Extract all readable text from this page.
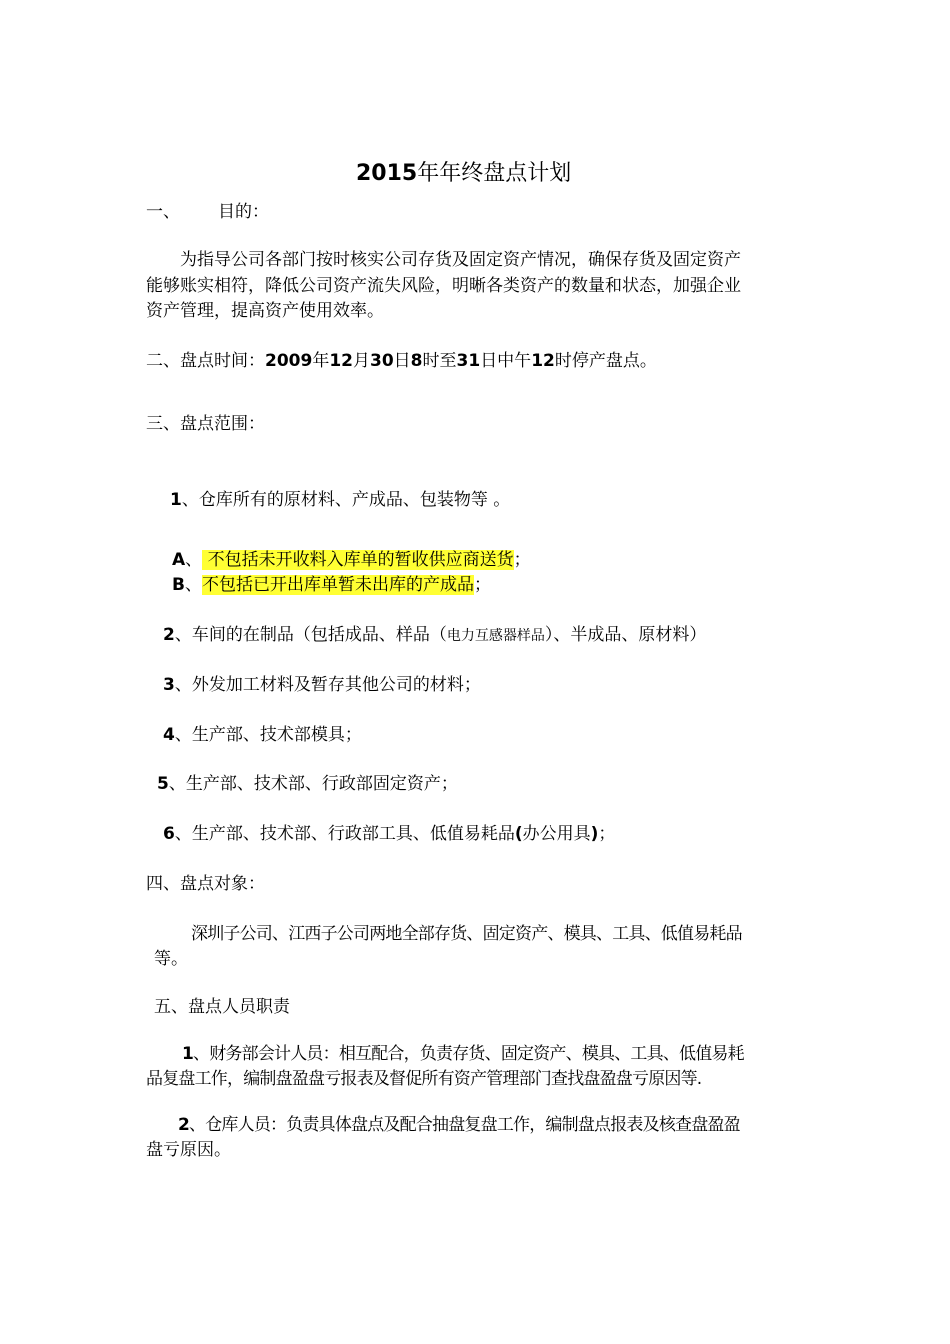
2015年年终盘点计划
一、 目的：
为指导公司各部门按时核实公司存货及固定资产情况，确保存货及固定资产
能够账实相符，降低公司资产流失风险，明晰各类资产的数量和状态，加强企业
资产管理，提高资产使用效率。
二、盘点时间：2009年12月30日8时至31日中午12时停产盘点。
三、盘点范围：
1、仓库所有的原材料、产成品、包装物等 。
A、 不包括未开收料入库单的暂收供应商送货；
B、不包括已开出库单暂未出库的产成品；
2、车间的在制品（包括成品、样品（电力互感器样品）、半成品、原材料）
3、外发加工材料及暂存其他公司的材料；
4、生产部、技术部模具；
5、生产部、技术部、行政部固定资产；
6、生产部、技术部、行政部工具、低值易耗品(办公用具)；
四、盘点对象：
深圳子公司、江西子公司两地全部存货、固定资产、模具、工具、低值易耗品
等。
五、盘点人员职责
1、财务部会计人员：相互配合，负责存货、固定资产、模具、工具、低值易耗
品复盘工作，编制盘盈盘亏报表及督促所有资产管理部门查找盘盈盘亏原因等.
2、仓库人员：负责具体盘点及配合抽盘复盘工作，编制盘点报表及核查盘盈盈
盘亏原因。
